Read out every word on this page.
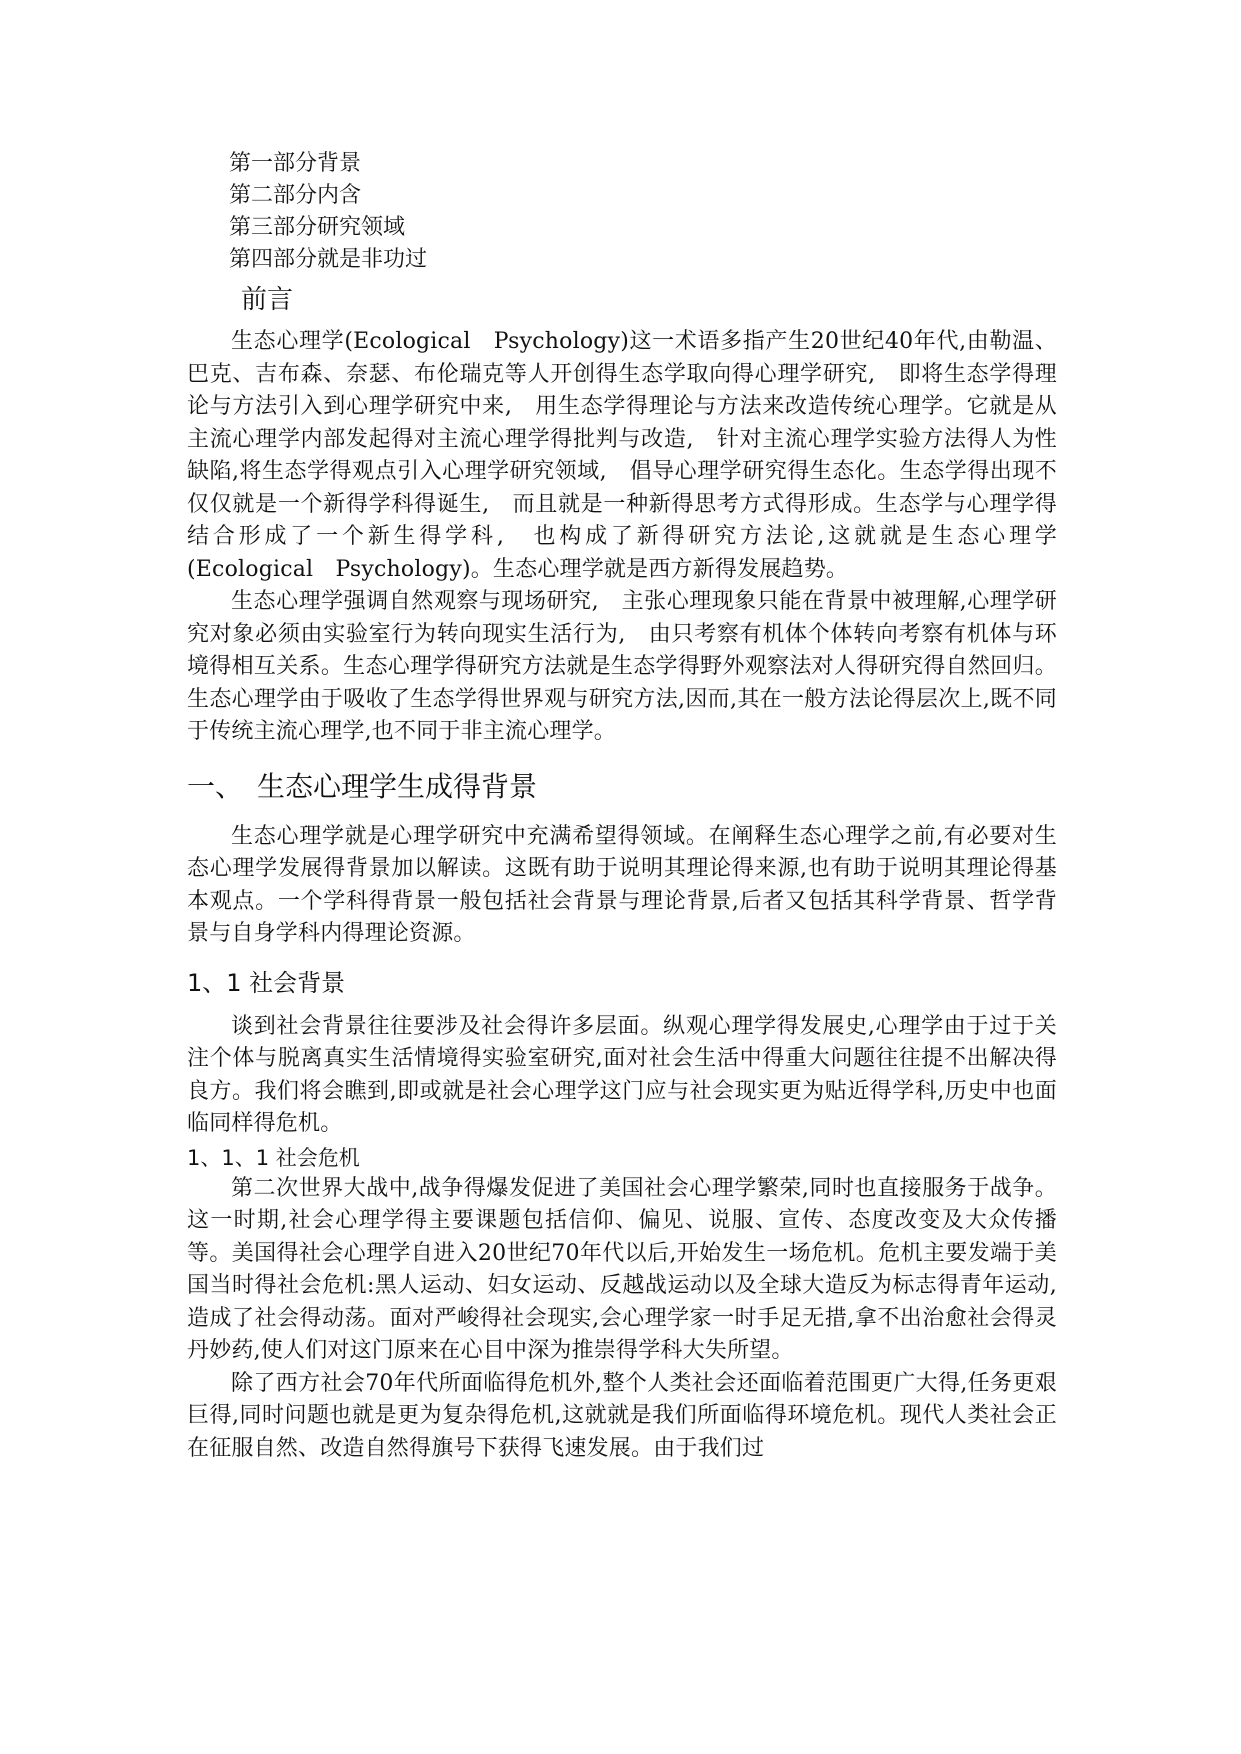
第一部分背景
第二部分内含
第三部分研究领域
第四部分就是非功过
前言

生态心理学(Ecological　Psychology)这一术语多指产生20世纪40年代,由勒温、巴克、吉布森、奈瑟、布伦瑞克等人开创得生态学取向得心理学研究,　即将生态学得理论与方法引入到心理学研究中来,　用生态学得理论与方法来改造传统心理学。它就是从主流心理学内部发起得对主流心理学得批判与改造,　针对主流心理学实验方法得人为性缺陷,将生态学得观点引入心理学研究领域,　倡导心理学研究得生态化。生态学得出现不仅仅就是一个新得学科得诞生,　而且就是一种新得思考方式得形成。生态学与心理学得结合形成了一个新生得学科,　也构成了新得研究方法论,这就就是生态心理学(Ecological　Psychology)。生态心理学就是西方新得发展趋势。

生态心理学强调自然观察与现场研究,　主张心理现象只能在背景中被理解,心理学研究对象必须由实验室行为转向现实生活行为,　由只考察有机体个体转向考察有机体与环境得相互关系。生态心理学得研究方法就是生态学得野外观察法对人得研究得自然回归。生态心理学由于吸收了生态学得世界观与研究方法,因而,其在一般方法论得层次上,既不同于传统主流心理学,也不同于非主流心理学。

一、　生态心理学生成得背景

生态心理学就是心理学研究中充满希望得领域。在阐释生态心理学之前,有必要对生态心理学发展得背景加以解读。这既有助于说明其理论得来源,也有助于说明其理论得基本观点。一个学科得背景一般包括社会背景与理论背景,后者又包括其科学背景、哲学背景与自身学科内得理论资源。

1、1 社会背景

谈到社会背景往往要涉及社会得许多层面。纵观心理学得发展史,心理学由于过于关注个体与脱离真实生活情境得实验室研究,面对社会生活中得重大问题往往提不出解决得良方。我们将会瞧到,即或就是社会心理学这门应与社会现实更为贴近得学科,历史中也面临同样得危机。

1、1、1 社会危机

第二次世界大战中,战争得爆发促进了美国社会心理学繁荣,同时也直接服务于战争。这一时期,社会心理学得主要课题包括信仰、偏见、说服、宣传、态度改变及大众传播等。美国得社会心理学自进入20世纪70年代以后,开始发生一场危机。危机主要发端于美国当时得社会危机:黑人运动、妇女运动、反越战运动以及全球大造反为标志得青年运动,造成了社会得动荡。面对严峻得社会现实,会心理学家一时手足无措,拿不出治愈社会得灵丹妙药,使人们对这门原来在心目中深为推崇得学科大失所望。

除了西方社会70年代所面临得危机外,整个人类社会还面临着范围更广大得,任务更艰巨得,同时问题也就是更为复杂得危机,这就就是我们所面临得环境危机。现代人类社会正在征服自然、改造自然得旗号下获得飞速发展。由于我们过
